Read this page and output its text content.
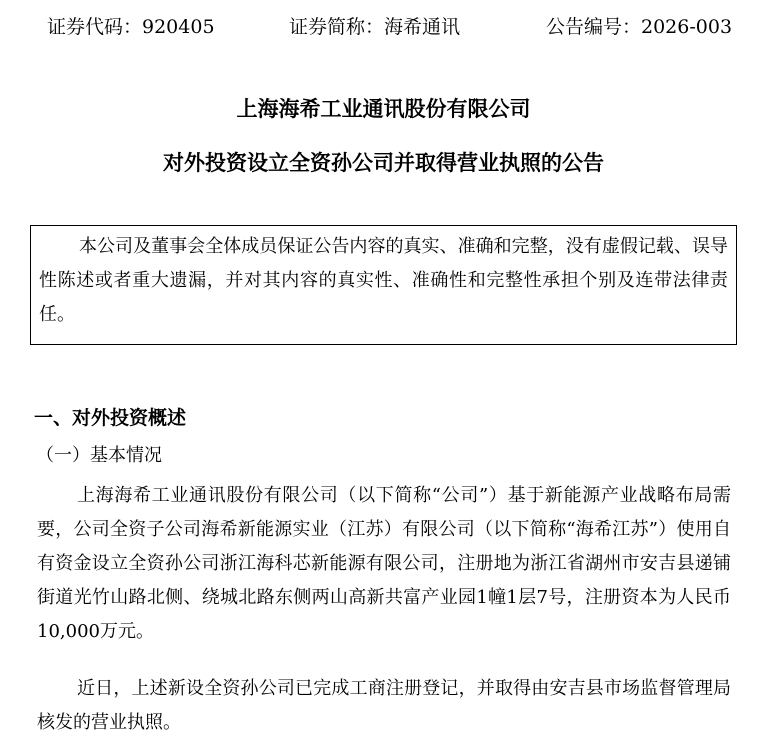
证券代码：920405	证券简称：海希通讯	公告编号：2026-003
上海海希工业通讯股份有限公司
对外投资设立全资孙公司并取得营业执照的公告

本公司及董事会全体成员保证公告内容的真实、准确和完整，没有虚假记载、误导性陈述或者重大遗漏，并对其内容的真实性、准确性和完整性承担个别及连带法律责任。

一、对外投资概述
（一）基本情况

上海海希工业通讯股份有限公司（以下简称“公司”）基于新能源产业战略布局需要，公司全资子公司海希新能源实业（江苏）有限公司（以下简称“海希江苏”）使用自有资金设立全资孙公司浙江海科芯新能源有限公司，注册地为浙江省湖州市安吉县递铺街道光竹山路北侧、绕城北路东侧两山高新共富产业园1幢1层7号，注册资本为人民币10,000万元。

近日，上述新设全资孙公司已完成工商注册登记，并取得由安吉县市场监督管理局核发的营业执照。
